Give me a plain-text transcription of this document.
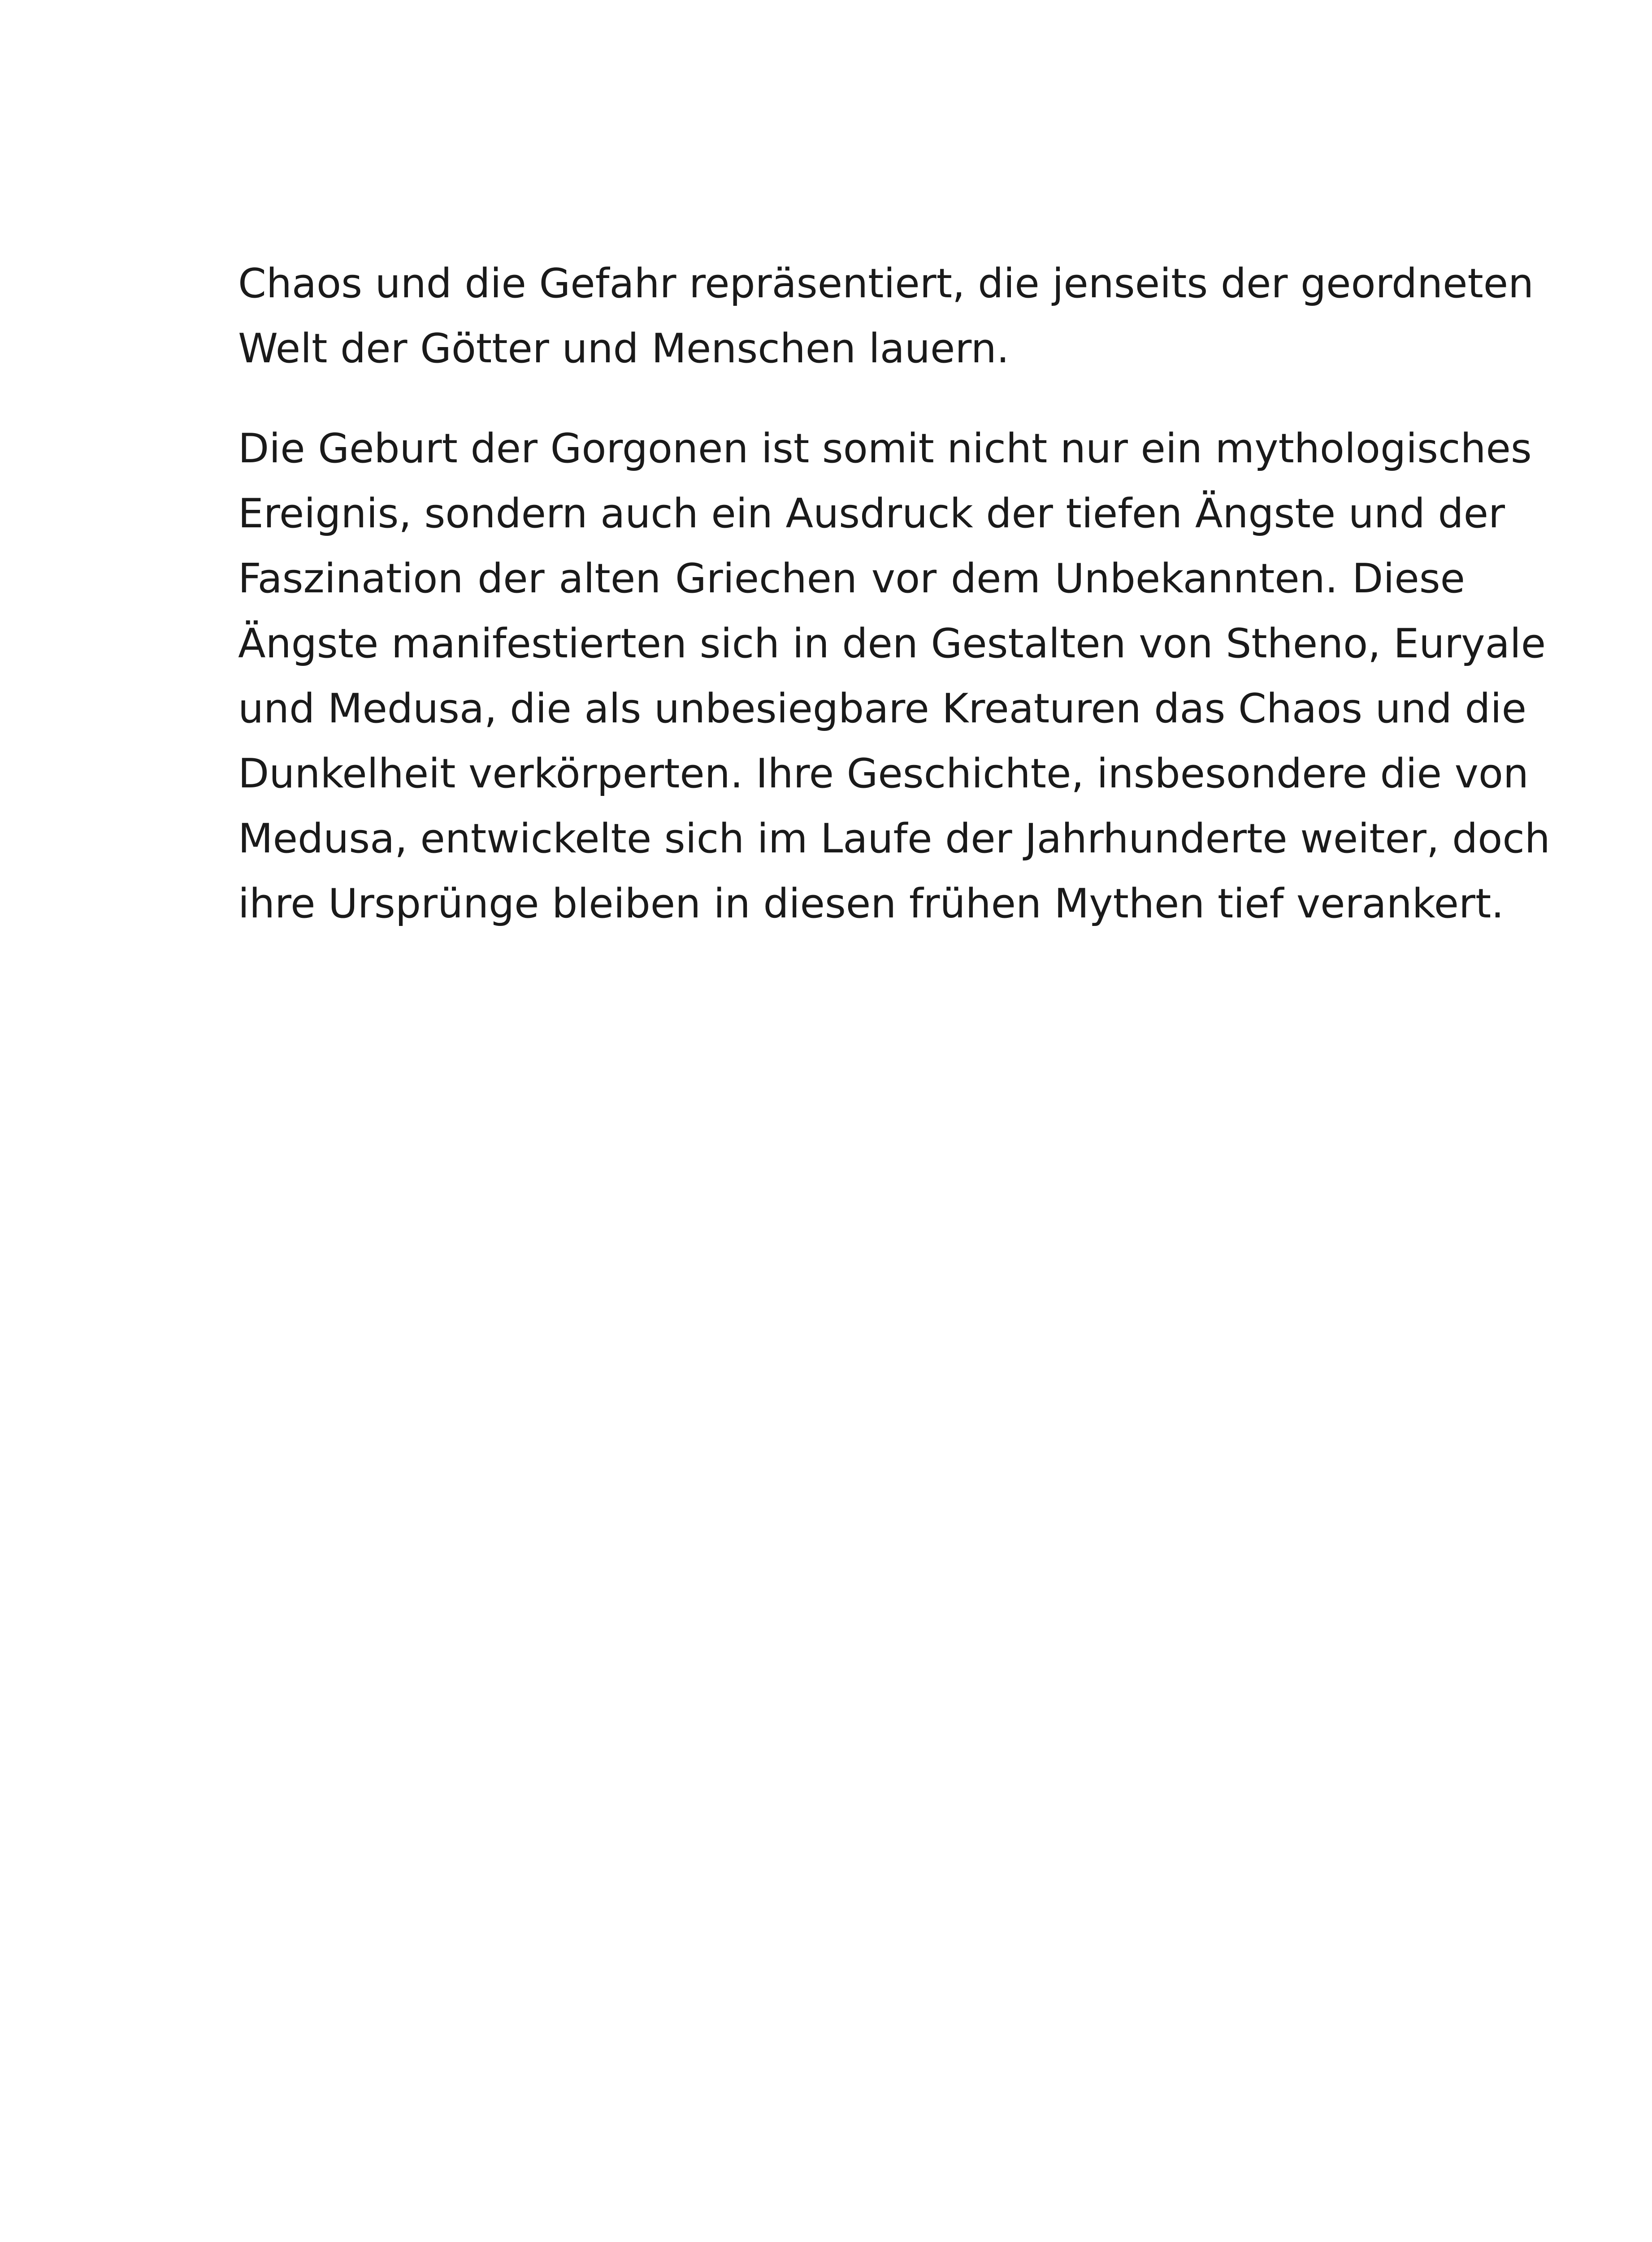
Chaos und die Gefahr repräsentiert, die jenseits der geordneten
Welt der Götter und Menschen lauern.

Die Geburt der Gorgonen ist somit nicht nur ein mythologisches
Ereignis, sondern auch ein Ausdruck der tiefen Ängste und der
Faszination der alten Griechen vor dem Unbekannten. Diese
Ängste manifestierten sich in den Gestalten von Stheno, Euryale
und Medusa, die als unbesiegbare Kreaturen das Chaos und die
Dunkelheit verkörperten. Ihre Geschichte, insbesondere die von
Medusa, entwickelte sich im Laufe der Jahrhunderte weiter, doch
ihre Ursprünge bleiben in diesen frühen Mythen tief verankert.
